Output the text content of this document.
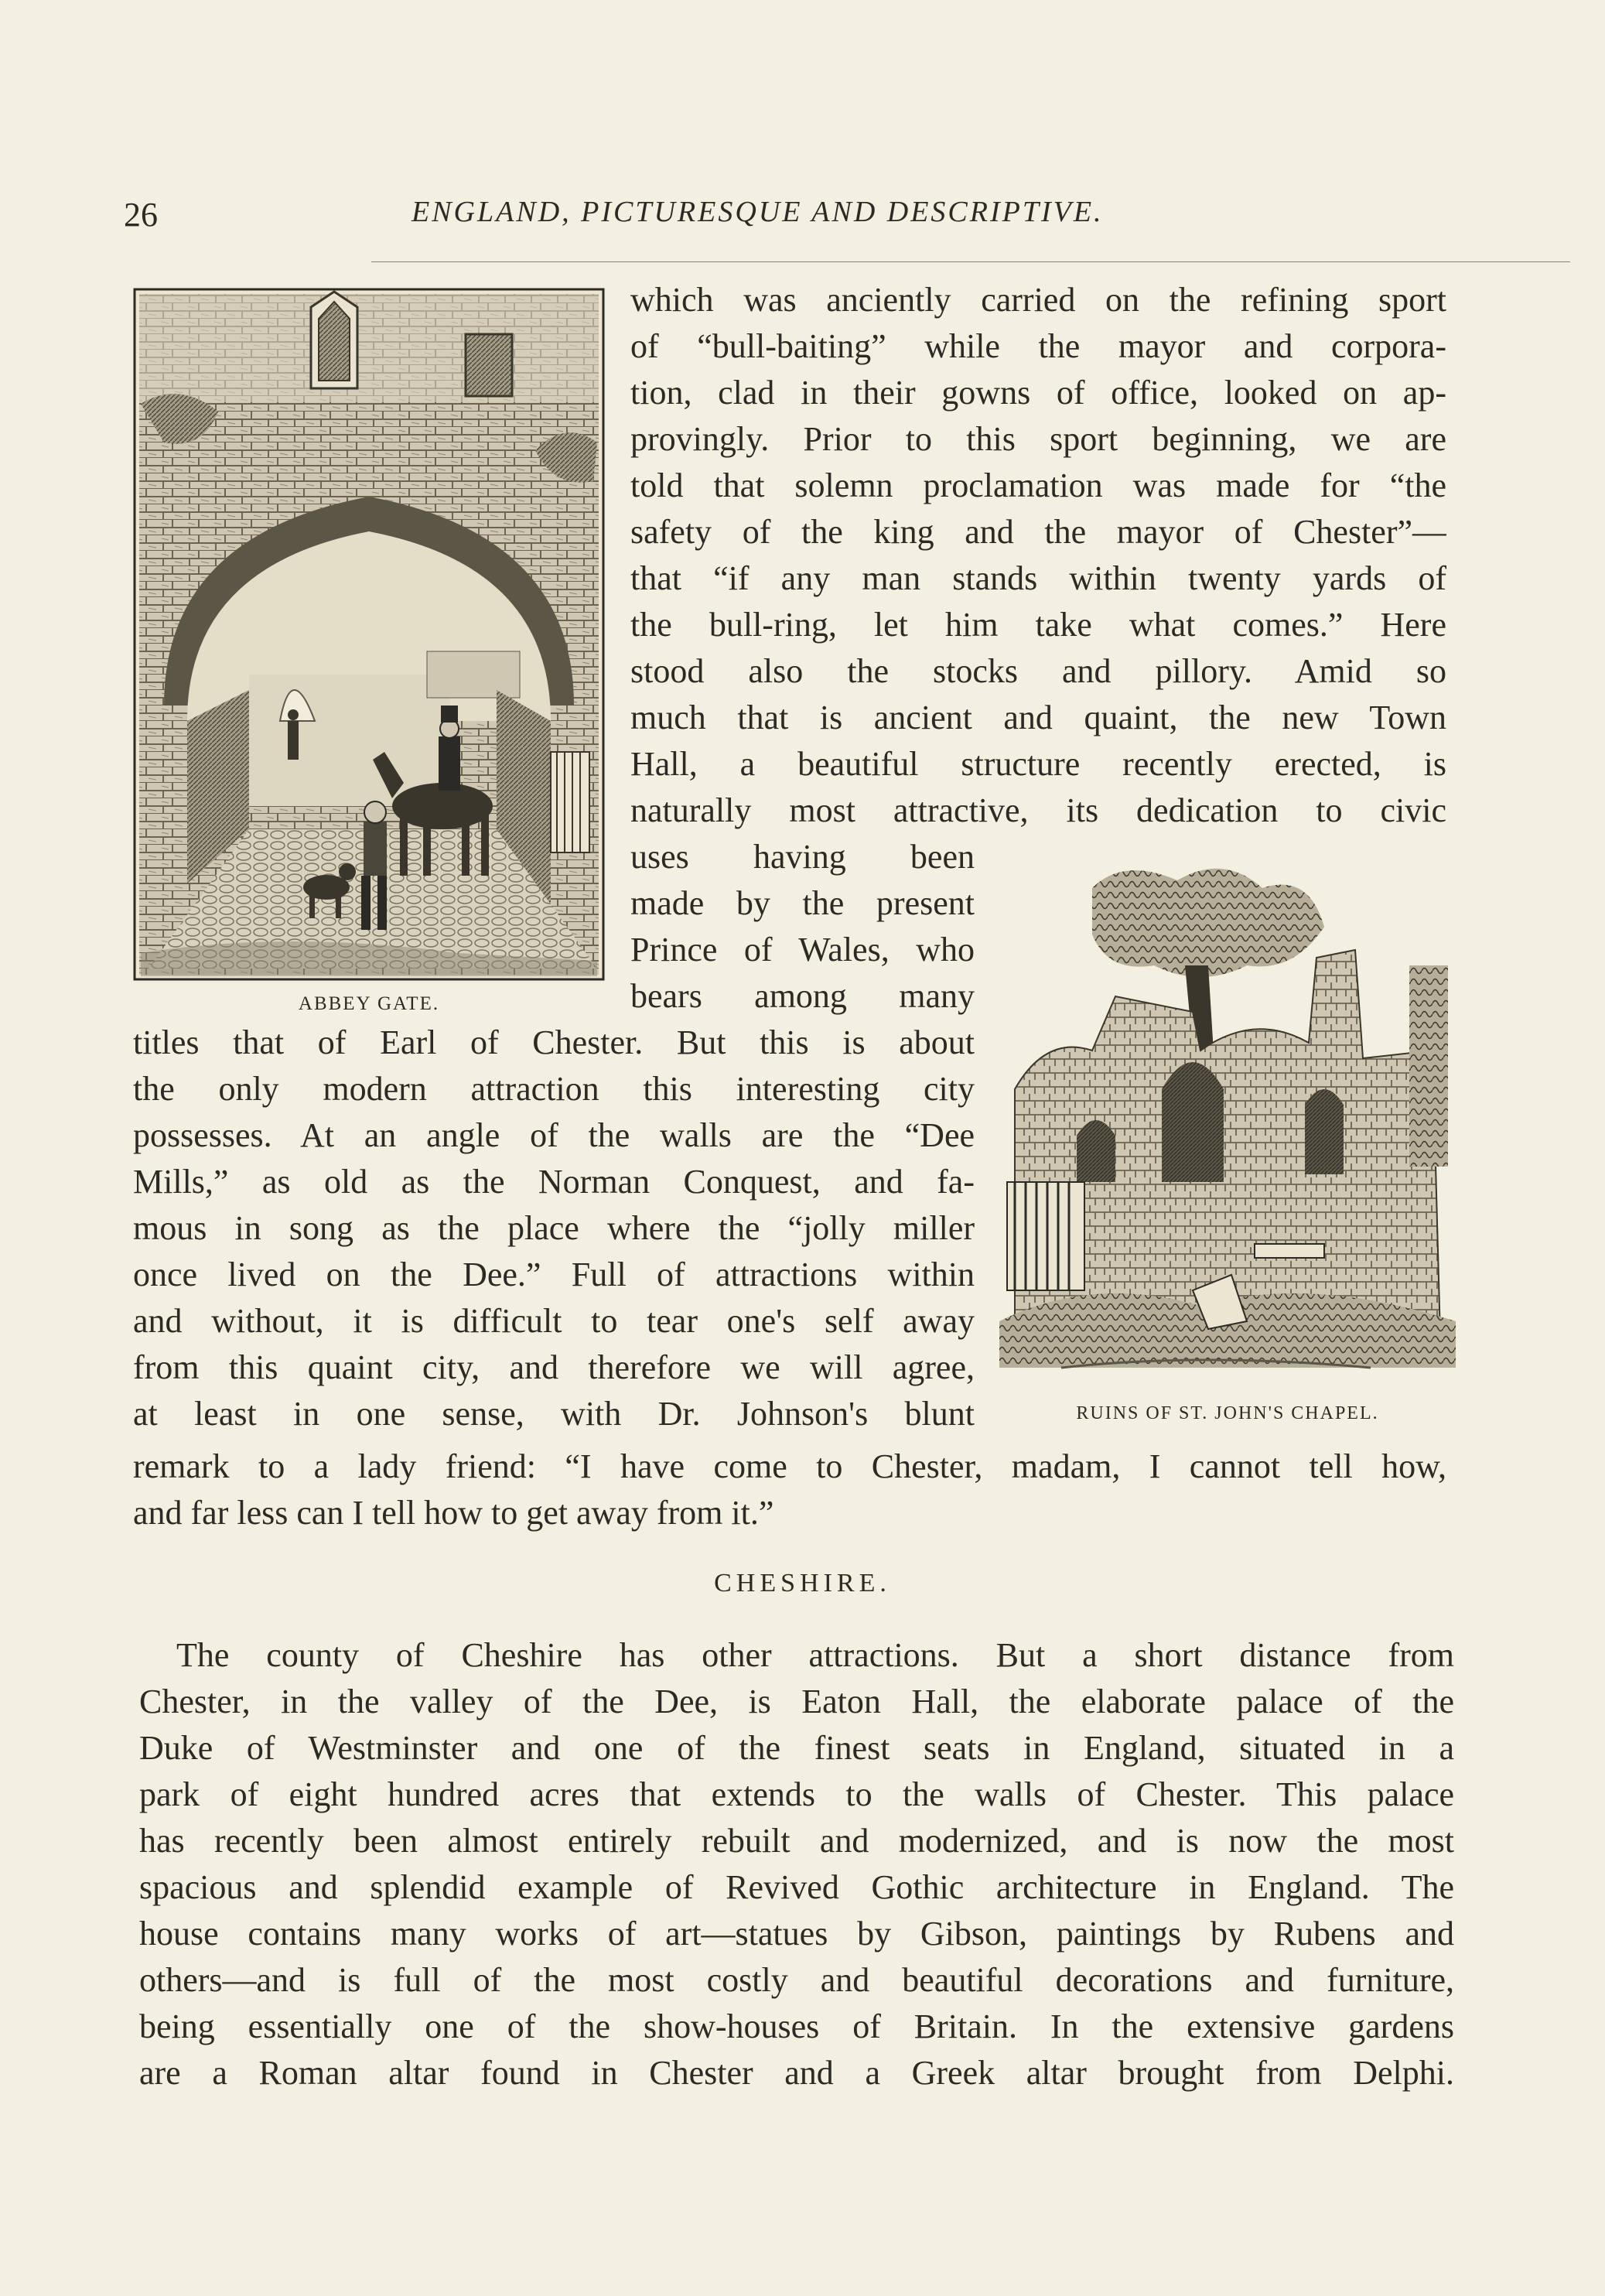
26	ENGLAND, PICTURESQUE AND DESCRIPTIVE.
ABBEY GATE.
RUINS OF ST. JOHN'S CHAPEL.
which was anciently carried on the refining sport
of “bull-baiting” while the mayor and corpora-
tion, clad in their gowns of office, looked on ap-
provingly. Prior to this sport beginning, we are
told that solemn proclamation was made for “the
safety of the king and the mayor of Chester”—
that “if any man stands within twenty yards of
the bull-ring, let him take what comes.” Here
stood also the stocks and pillory. Amid so
much that is ancient and quaint, the new Town
Hall, a beautiful structure recently erected, is
naturally most attractive, its dedication to civic
uses having been
made by the present
Prince of Wales, who
bears among many
titles that of Earl of Chester. But this is about
the only modern attraction this interesting city
possesses. At an angle of the walls are the “Dee
Mills,” as old as the Norman Conquest, and fa-
mous in song as the place where the “jolly miller
once lived on the Dee.” Full of attractions within
and without, it is difficult to tear one's self away
from this quaint city, and therefore we will agree,
at least in one sense, with Dr. Johnson's blunt
remark to a lady friend: “I have come to Chester, madam, I cannot tell how,
and far less can I tell how to get away from it.”
CHESHIRE.
The county of Cheshire has other attractions. But a short distance from
Chester, in the valley of the Dee, is Eaton Hall, the elaborate palace of the
Duke of Westminster and one of the finest seats in England, situated in a
park of eight hundred acres that extends to the walls of Chester. This palace
has recently been almost entirely rebuilt and modernized, and is now the most
spacious and splendid example of Revived Gothic architecture in England. The
house contains many works of art—statues by Gibson, paintings by Rubens and
others—and is full of the most costly and beautiful decorations and furniture,
being essentially one of the show-houses of Britain. In the extensive gardens
are a Roman altar found in Chester and a Greek altar brought from Delphi.
